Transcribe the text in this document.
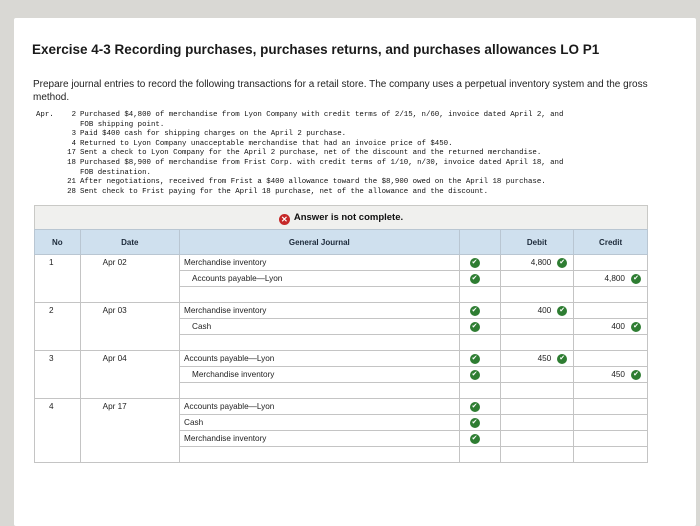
Exercise 4-3 Recording purchases, purchases returns, and purchases allowances LO P1
Prepare journal entries to record the following transactions for a retail store. The company uses a perpetual inventory system and the gross method.
Apr.	2 Purchased $4,800 of merchandise from Lyon Company with credit terms of 2/15, n/60, invoice dated April 2, and
FOB shipping point.
3 Paid $400 cash for shipping charges on the April 2 purchase.
4 Returned to Lyon Company unacceptable merchandise that had an invoice price of $450.
17 Sent a check to Lyon Company for the April 2 purchase, net of the discount and the returned merchandise.
18 Purchased $8,900 of merchandise from Frist Corp. with credit terms of 1/10, n/30, invoice dated April 18, and
FOB destination.
21 After negotiations, received from Frist a $400 allowance toward the $8,900 owed on the April 18 purchase.
28 Sent check to Frist paying for the April 18 purchase, net of the allowance and the discount.
✕ Answer is not complete.
No	Date	General Journal		Debit	Credit

1	Apr 02	Merchandise inventory	✔	4,800 ✔	

		Accounts payable—Lyon	✔		4,800 ✔

2	Apr 03	Merchandise inventory	✔	400 ✔	

		Cash	✔		400 ✔

3	Apr 04	Accounts payable—Lyon	✔	450 ✔	

		Merchandise inventory	✔		450 ✔

4	Apr 17	Accounts payable—Lyon	✔		

		Cash	✔		

		Merchandise inventory	✔		
